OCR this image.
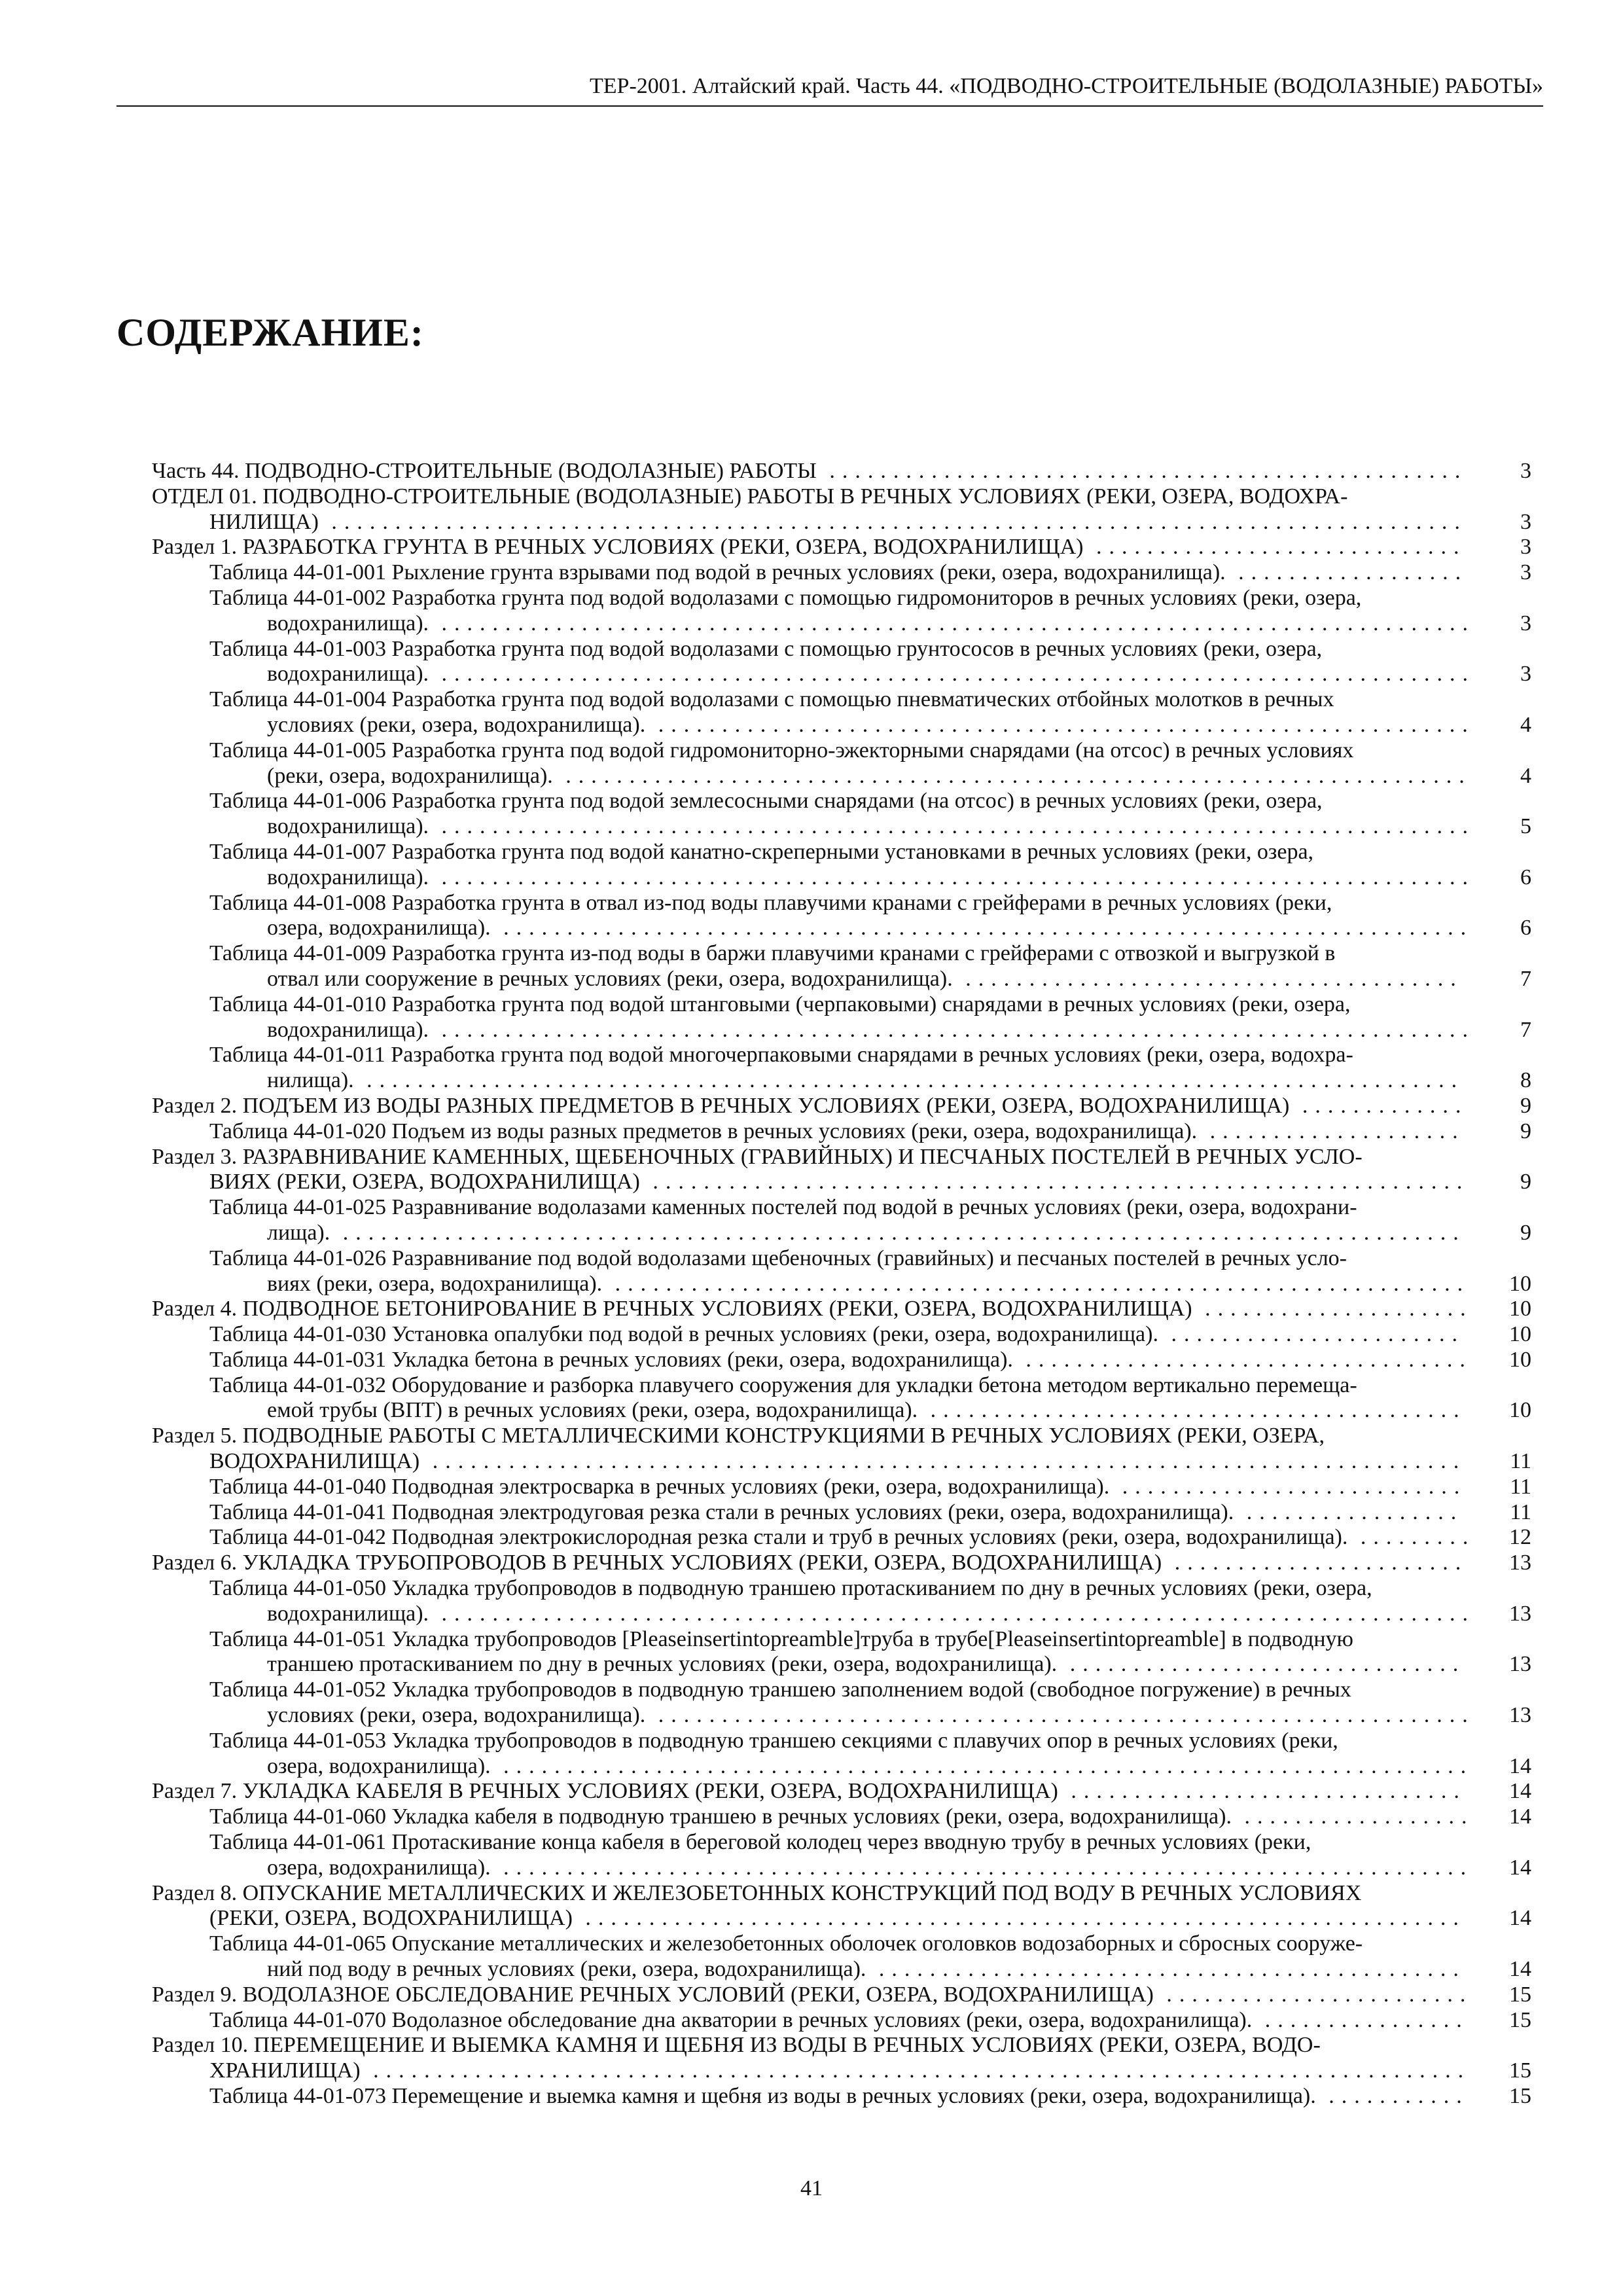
ТЕР-2001. Алтайский край. Часть 44. «ПОДВОДНО-СТРОИТЕЛЬНЫЕ (ВОДОЛАЗНЫЕ) РАБОТЫ»
СОДЕРЖАНИЕ:
Часть 44. ПОДВОДНО-СТРОИТЕЛЬНЫЕ (ВОДОЛАЗНЫЕ) РАБОТЫ ..................................................	3
ОТДЕЛ 01. ПОДВОДНО-СТРОИТЕЛЬНЫЕ (ВОДОЛАЗНЫЕ) РАБОТЫ В РЕЧНЫХ УСЛОВИЯХ (РЕКИ, ОЗЕРА, ВОДОХРА-
НИЛИЩА) .........................................................................................	3
Раздел 1. РАЗРАБОТКА ГРУНТА В РЕЧНЫХ УСЛОВИЯХ (РЕКИ, ОЗЕРА, ВОДОХРАНИЛИЩА) .............................	3
Таблица 44-01-001 Рыхление грунта взрывами под водой в речных условиях (реки, озера, водохранилища). ..................	3
Таблица 44-01-002 Разработка грунта под водой водолазами с помощью гидромониторов в речных условиях (реки, озера,
водохранилища). .................................................................................	3
Таблица 44-01-003 Разработка грунта под водой водолазами с помощью грунтососов в речных условиях (реки, озера,
водохранилища). .................................................................................	3
Таблица 44-01-004 Разработка грунта под водой водолазами с помощью пневматических отбойных молотков в речных
условиях (реки, озера, водохранилища). ................................................................	4
Таблица 44-01-005 Разработка грунта под водой гидромониторно-эжекторными снарядами (на отсос) в речных условиях
(реки, озера, водохранилища). .......................................................................	4
Таблица 44-01-006 Разработка грунта под водой землесосными снарядами (на отсос) в речных условиях (реки, озера,
водохранилища). .................................................................................	5
Таблица 44-01-007 Разработка грунта под водой канатно-скреперными установками в речных условиях (реки, озера,
водохранилища). .................................................................................	6
Таблица 44-01-008 Разработка грунта в отвал из-под воды плавучими кранами с грейферами в речных условиях (реки,
озера, водохранилища). ............................................................................	6
Таблица 44-01-009 Разработка грунта из-под воды в баржи плавучими кранами с грейферами с отвозкой и выгрузкой в
отвал или сооружение в речных условиях (реки, озера, водохранилища). .......................................	7
Таблица 44-01-010 Разработка грунта под водой штанговыми (черпаковыми) снарядами в речных условиях (реки, озера,
водохранилища). .................................................................................	7
Таблица 44-01-011 Разработка грунта под водой многочерпаковыми снарядами в речных условиях (реки, озера, водохра-
нилища). ......................................................................................	8
Раздел 2. ПОДЪЕМ ИЗ ВОДЫ РАЗНЫХ ПРЕДМЕТОВ В РЕЧНЫХ УСЛОВИЯХ (РЕКИ, ОЗЕРА, ВОДОХРАНИЛИЩА) .............	9
Таблица 44-01-020 Подъем из воды разных предметов в речных условиях (реки, озера, водохранилища). ....................	9
Раздел 3. РАЗРАВНИВАНИЕ КАМЕННЫХ, ЩЕБЕНОЧНЫХ (ГРАВИЙНЫХ) И ПЕСЧАНЫХ ПОСТЕЛЕЙ В РЕЧНЫХ УСЛО-
ВИЯХ (РЕКИ, ОЗЕРА, ВОДОХРАНИЛИЩА) ................................................................	9
Таблица 44-01-025 Разравнивание водолазами каменных постелей под водой в речных условиях (реки, озера, водохрани-
лища). ........................................................................................	9
Таблица 44-01-026 Разравнивание под водой водолазами щебеночных (гравийных) и песчаных постелей в речных усло-
виях (реки, озера, водохранилища). ...................................................................	10
Раздел 4. ПОДВОДНОЕ БЕТОНИРОВАНИЕ В РЕЧНЫХ УСЛОВИЯХ (РЕКИ, ОЗЕРА, ВОДОХРАНИЛИЩА) .....................	10
Таблица 44-01-030 Установка опалубки под водой в речных условиях (реки, озера, водохранилища). .......................	10
Таблица 44-01-031 Укладка бетона в речных условиях (реки, озера, водохранилища). ...................................	10
Таблица 44-01-032 Оборудование и разборка плавучего сооружения для укладки бетона методом вертикально перемеща-
емой трубы (ВПТ) в речных условиях (реки, озера, водохранилища). ..........................................	10
Раздел 5. ПОДВОДНЫЕ РАБОТЫ С МЕТАЛЛИЧЕСКИМИ КОНСТРУКЦИЯМИ В РЕЧНЫХ УСЛОВИЯХ (РЕКИ, ОЗЕРА,
ВОДОХРАНИЛИЩА) .................................................................................	11
Таблица 44-01-040 Подводная электросварка в речных условиях (реки, озера, водохранилища). ...........................	11
Таблица 44-01-041 Подводная электродуговая резка стали в речных условиях (реки, озера, водохранилища). .................	11
Таблица 44-01-042 Подводная электрокислородная резка стали и труб в речных условиях (реки, озера, водохранилища). .........	12
Раздел 6. УКЛАДКА ТРУБОПРОВОДОВ В РЕЧНЫХ УСЛОВИЯХ (РЕКИ, ОЗЕРА, ВОДОХРАНИЛИЩА) .......................	13
Таблица 44-01-050 Укладка трубопроводов в подводную траншею протаскиванием по дну в речных условиях (реки, озера,
водохранилища). .................................................................................	13
Таблица 44-01-051 Укладка трубопроводов [Pleaseinsertintopreamble]труба в трубе[Pleaseinsertintopreamble] в подводную
траншею протаскиванием по дну в речных условиях (реки, озера, водохранилища). ...............................	13
Таблица 44-01-052 Укладка трубопроводов в подводную траншею заполнением водой (свободное погружение) в речных
условиях (реки, озера, водохранилища). ................................................................	13
Таблица 44-01-053 Укладка трубопроводов в подводную траншею секциями с плавучих опор в речных условиях (реки,
озера, водохранилища). ............................................................................	14
Раздел 7. УКЛАДКА КАБЕЛЯ В РЕЧНЫХ УСЛОВИЯХ (РЕКИ, ОЗЕРА, ВОДОХРАНИЛИЩА) ...............................	14
Таблица 44-01-060 Укладка кабеля в подводную траншею в речных условиях (реки, озера, водохранилища). ..................	14
Таблица 44-01-061 Протаскивание конца кабеля в береговой колодец через вводную трубу в речных условиях (реки,
озера, водохранилища). ............................................................................	14
Раздел 8. ОПУСКАНИЕ МЕТАЛЛИЧЕСКИХ И ЖЕЛЕЗОБЕТОННЫХ КОНСТРУКЦИЙ ПОД ВОДУ В РЕЧНЫХ УСЛОВИЯХ
(РЕКИ, ОЗЕРА, ВОДОХРАНИЛИЩА) .....................................................................	14
Таблица 44-01-065 Опускание металлических и железобетонных оболочек оголовков водозаборных и сбросных сооруже-
ний под воду в речных условиях (реки, озера, водохранилища). ..............................................	14
Раздел 9. ВОДОЛАЗНОЕ ОБСЛЕДОВАНИЕ РЕЧНЫХ УСЛОВИЙ (РЕКИ, ОЗЕРА, ВОДОХРАНИЛИЩА) ........................	15
Таблица 44-01-070 Водолазное обследование дна акватории в речных условиях (реки, озера, водохранилища). ................	15
Раздел 10. ПЕРЕМЕЩЕНИЕ И ВЫЕМКА КАМНЯ И ЩЕБНЯ ИЗ ВОДЫ В РЕЧНЫХ УСЛОВИЯХ (РЕКИ, ОЗЕРА, ВОДО-
ХРАНИЛИЩА) ......................................................................................	15
Таблица 44-01-073 Перемещение и выемка камня и щебня из воды в речных условиях (реки, озера, водохранилища). ...........	15
41
